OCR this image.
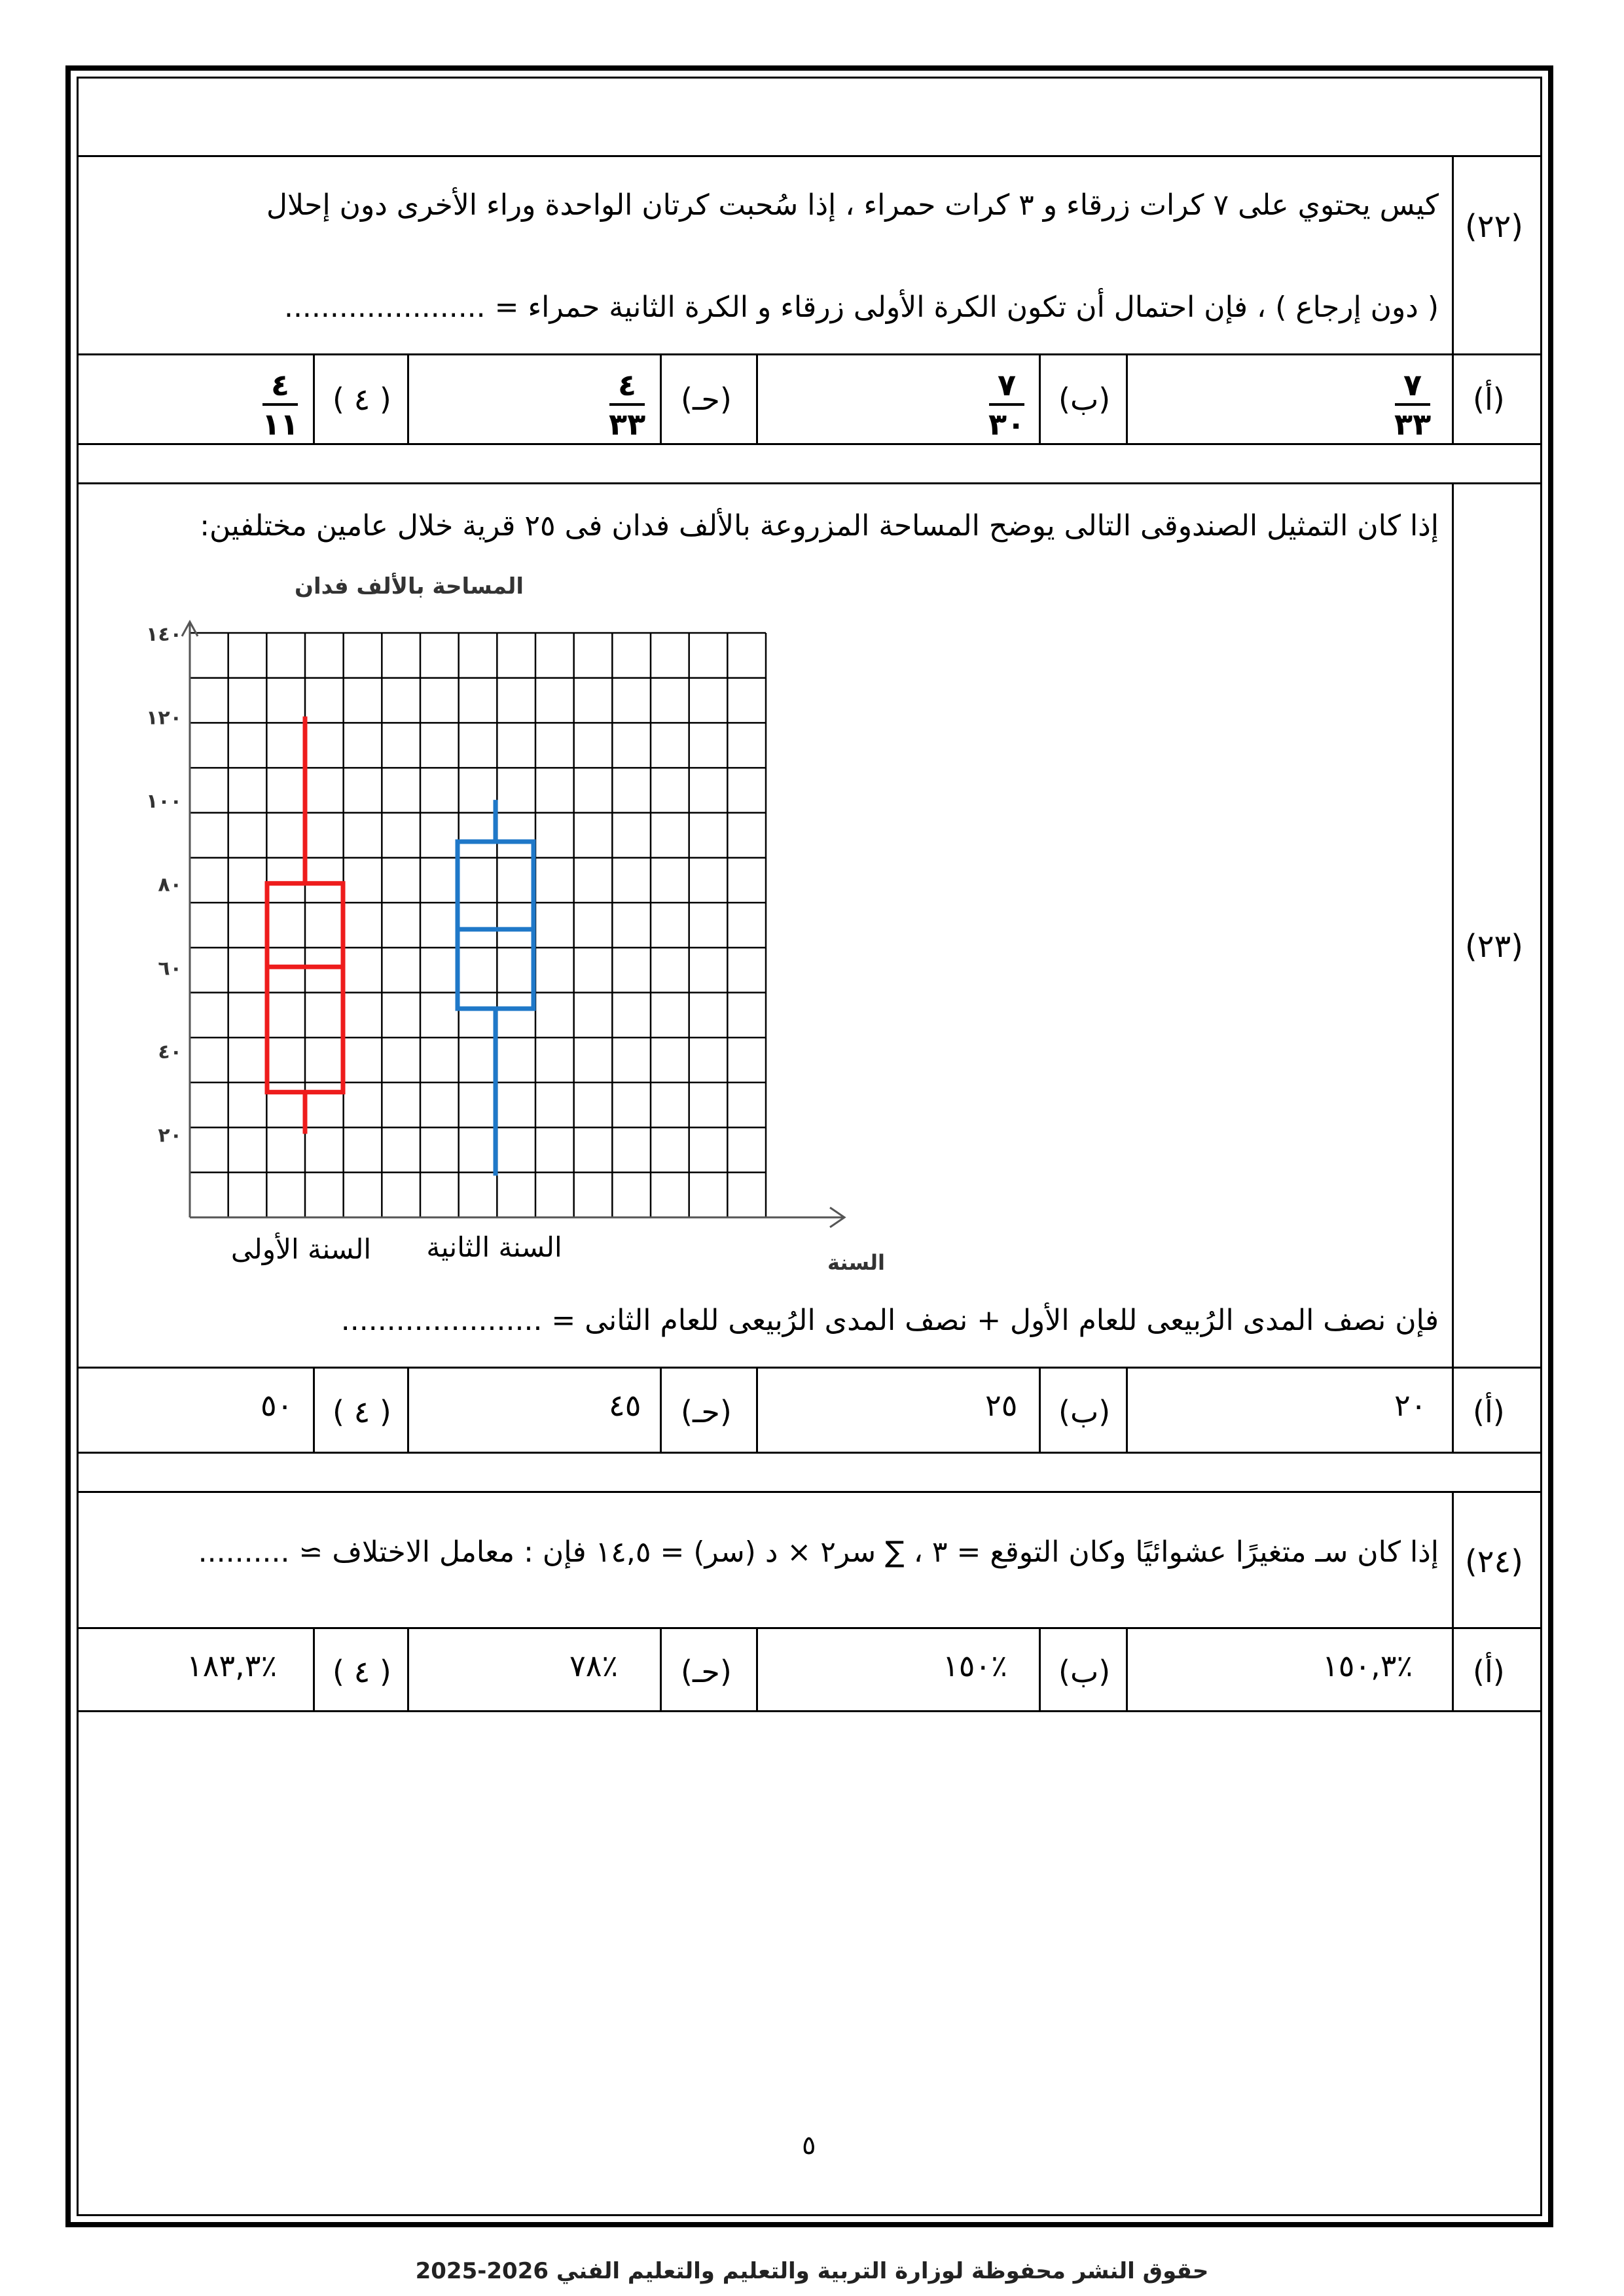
(٢٢)
كيس يحتوي على ٧ كرات زرقاء و ٣ كرات حمراء ، إذا سُحبت كرتان الواحدة وراء الأخرى دون إحلال
( دون إرجاع ) ، فإن احتمال أن تكون الكرة الأولى زرقاء و الكرة الثانية حمراء = ......................
(أ)
٧
٣٣
(ب)
٧
٣٠
(حـ)
٤
٣٣
( ٤ )
٤
١١
(٢٣)
إذا كان التمثيل الصندوقى التالى يوضح المساحة المزروعة بالألف فدان فى ٢٥ قرية خلال عامين مختلفين:
٢٠
٤٠
٦٠
٨٠
١٠٠
١٢٠
١٤٠
المساحة بالألف فدان
السنة
السنة الأولى السنة الثانية
فإن نصف المدى الرُبيعى للعام الأول + نصف المدى الرُبيعى للعام الثانى = ......................
(أ)
٢٠
(ب)
٢٥
(حـ)
٤٥
( ٤ )
٥٠
(٢٤)
إذا كان سـ متغيرًا عشوائيًا وكان التوقع = ٣ ، ∑ سر٢ × د (سر) = ١٤,٥ فإن : معامل الاختلاف ≃ ..........
(أ)
٪١٥٠,٣
(ب)
٪١٥٠
(حـ)
٪٧٨
( ٤ )
٪١٨٣,٣
٥
حقوق النشر محفوظة لوزارة التربية والتعليم والتعليم الفني 2026-2025
